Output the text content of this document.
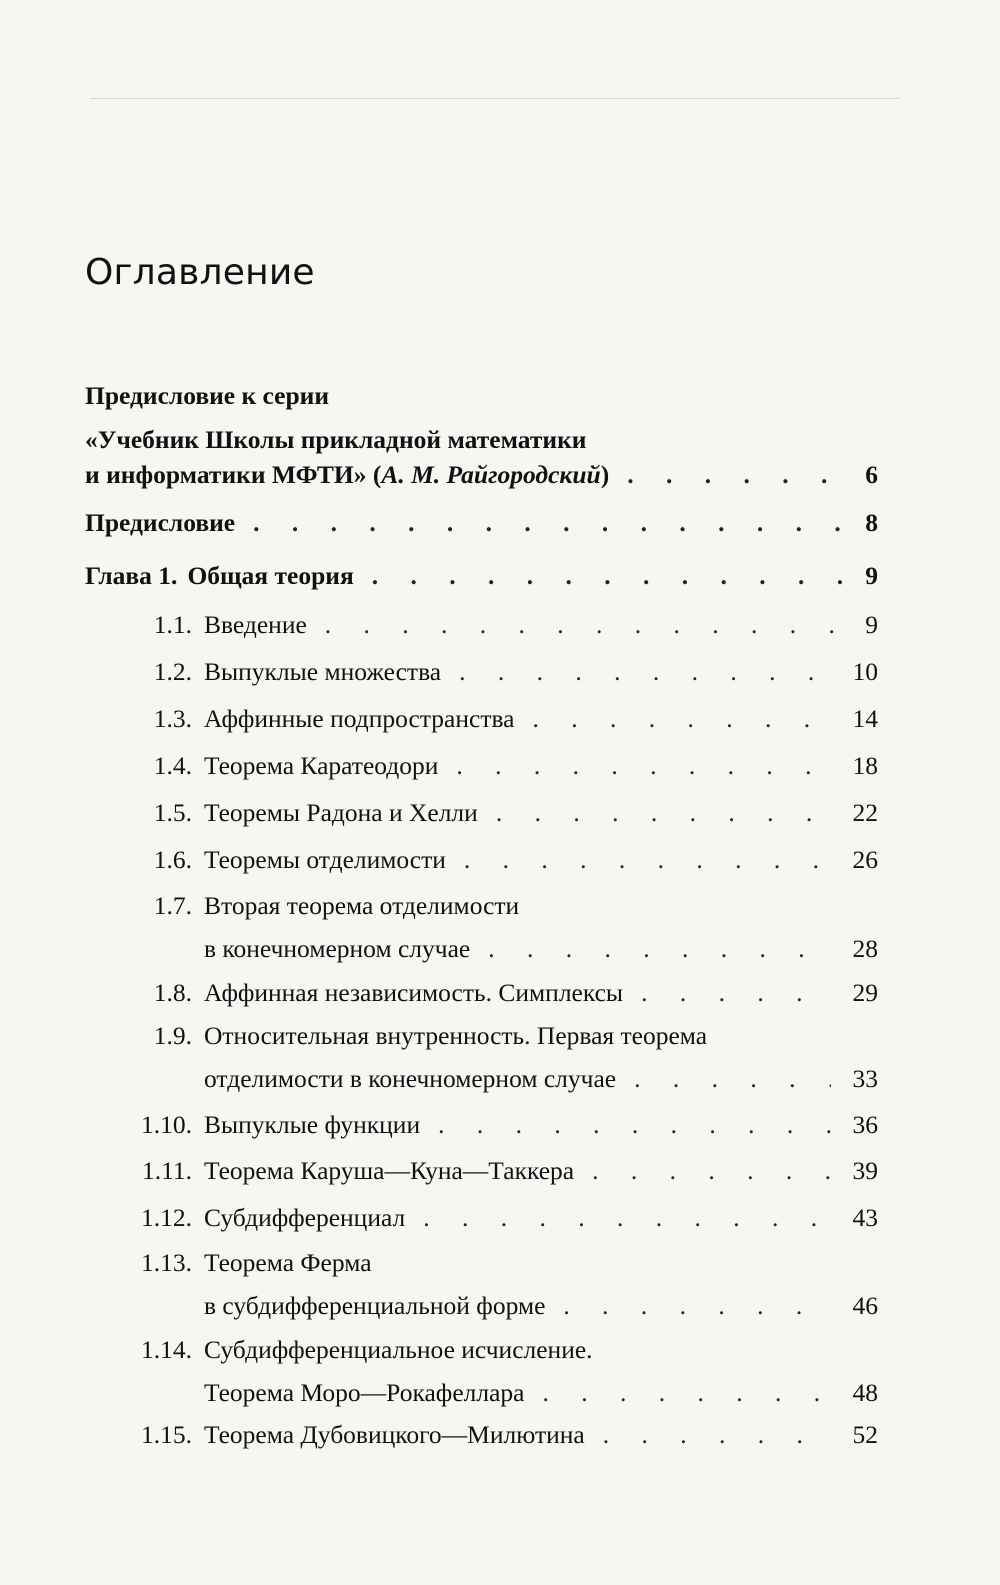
Оглавление
Предисловие к серии
«Учебник Школы прикладной математики
и информатики МФТИ» (А. М. Райгородский) . . .	6
Предисловие . . .	8
Глава 1. Общая теория . . .	9
1.1. Введение . . .	9
1.2. Выпуклые множества . . .	10
1.3. Аффинные подпространства . . .	14
1.4. Теорема Каратеодори . . .	18
1.5. Теоремы Радона и Хелли . . .	22
1.6. Теоремы отделимости . . .	26
1.7. Вторая теорема отделимости
в конечномерном случае . . .	28
1.8. Аффинная независимость. Симплексы . . .	29
1.9. Относительная внутренность. Первая теорема
отделимости в конечномерном случае . . .	33
1.10. Выпуклые функции . . .	36
1.11. Теорема Каруша—Куна—Таккера . . .	39
1.12. Субдифференциал . . .	43
1.13. Теорема Ферма
в субдифференциальной форме . . .	46
1.14. Субдифференциальное исчисление.
Теорема Моро—Рокафеллара . . .	48
1.15. Теорема Дубовицкого—Милютина . . .	52
